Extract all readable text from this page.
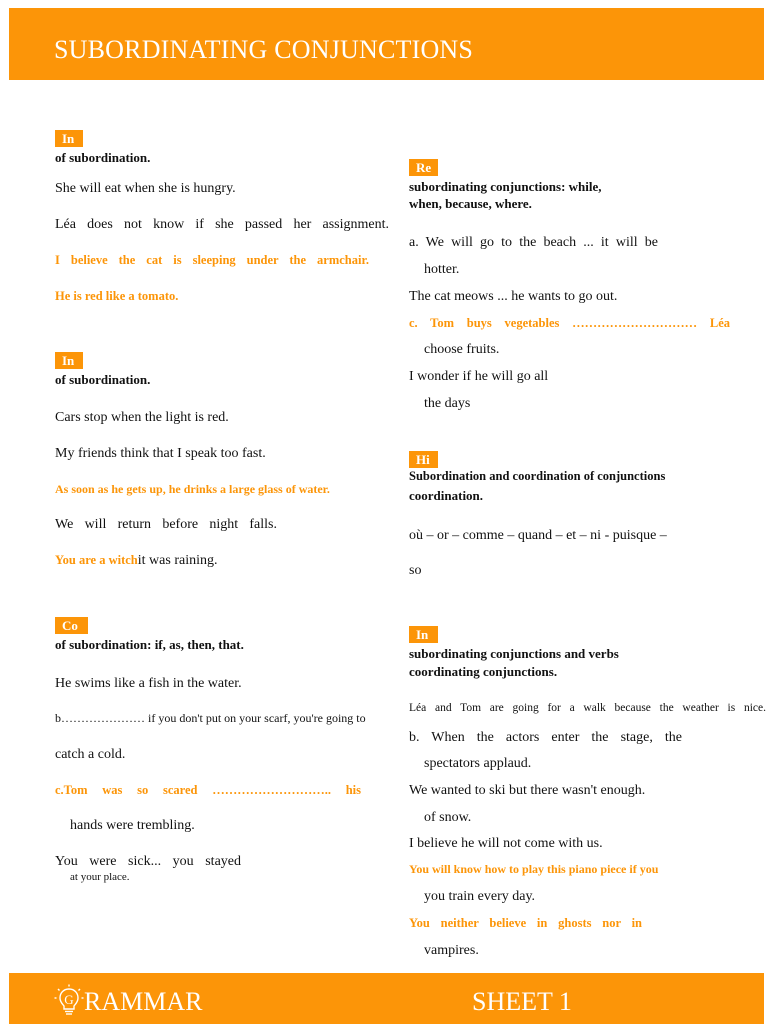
SUBORDINATING CONJUNCTIONS
In
of subordination.
She will eat when she is hungry.
Léa does not know if she passed her assignment.
I believe the cat is sleeping under the armchair.
He is red like a tomato.
In
of subordination.
Cars stop when the light is red.
My friends think that I speak too fast.
As soon as he gets up, he drinks a large glass of water.
We will return before night falls.
You are a witchit was raining.
Co
of subordination: if, as, then, that.
He swims like a fish in the water.
b………………… if you don't put on your scarf, you're going to
catch a cold.
c.Tom was so scared ……………………….. his
hands were trembling.
You were sick... you stayed
at your place.
Re
subordinating conjunctions: while,
when, because, where.
a. We will go to the beach ... it will be
hotter.
The cat meows ... he wants to go out.
c. Tom buys vegetables ………………………… Léa
choose fruits.
I wonder if he will go all
the days
Hi
Subordination and coordination of conjunctions
coordination.
où – or – comme – quand – et – ni - puisque –
so
In
subordinating conjunctions and verbs
coordinating conjunctions.
Léa and Tom are going for a walk because the weather is nice.
b. When the actors enter the stage, the
spectators applaud.
We wanted to ski but there wasn't enough.
of snow.
I believe he will not come with us.
You will know how to play this piano piece if you
you train every day.
You neither believe in ghosts nor in
vampires.
G RAMMAR	SHEET 1
